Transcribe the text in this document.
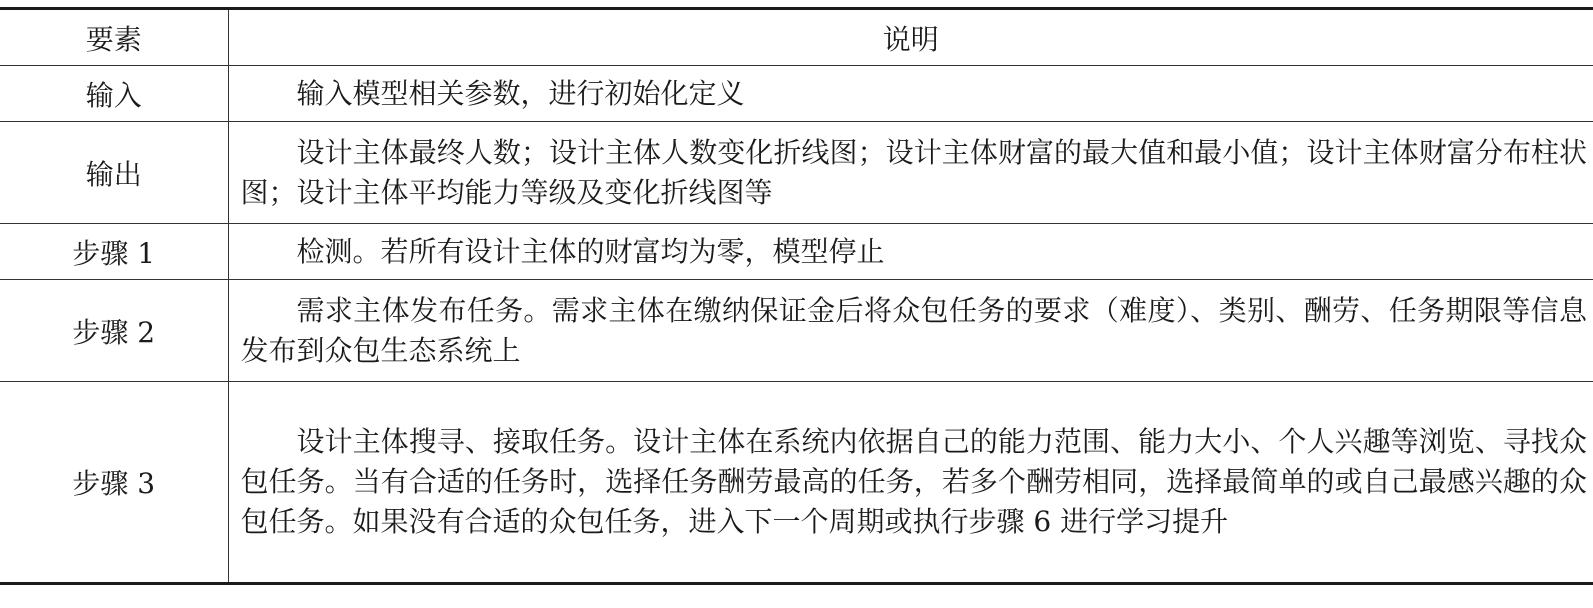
要素	说明
输入	输入模型相关参数，进行初始化定义
输出	设计主体最终人数；设计主体人数变化折线图；设计主体财富的最大值和最小值；设计主体财富分布柱状图；设计主体平均能力等级及变化折线图等
步骤 1	检测。若所有设计主体的财富均为零，模型停止
步骤 2	需求主体发布任务。需求主体在缴纳保证金后将众包任务的要求（难度）、类别、酬劳、任务期限等信息发布到众包生态系统上
步骤 3	设计主体搜寻、接取任务。设计主体在系统内依据自己的能力范围、能力大小、个人兴趣等浏览、寻找众包任务。当有合适的任务时，选择任务酬劳最高的任务，若多个酬劳相同，选择最简单的或自己最感兴趣的众包任务。如果没有合适的众包任务，进入下一个周期或执行步骤 6 进行学习提升
